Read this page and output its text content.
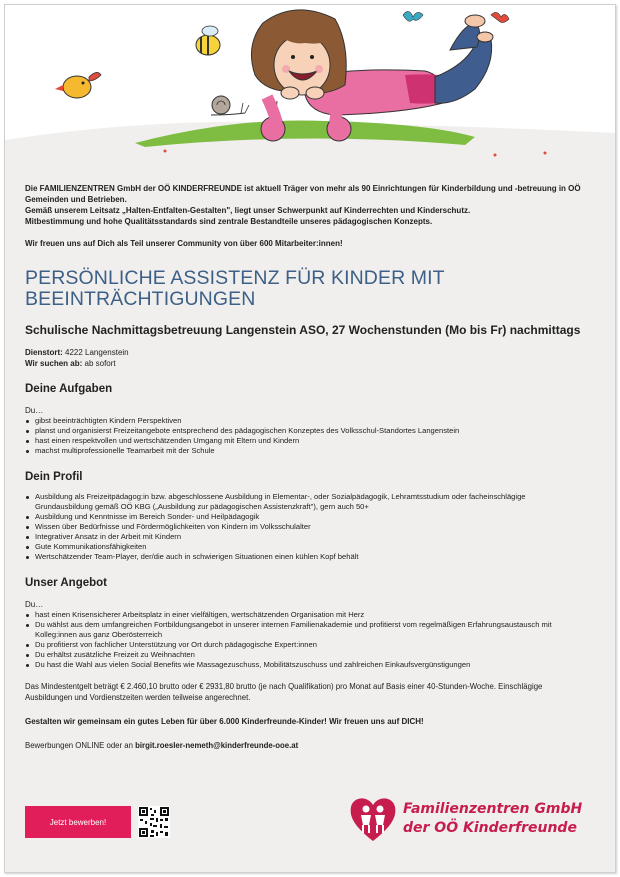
Die FAMILIENZENTREN GmbH der OÖ KINDERFREUNDE ist aktuell Träger von mehr als 90 Einrichtungen für Kinderbildung und -betreuung in OÖ Gemeinden und Betrieben.

Gemäß unserem Leitsatz „Halten-Entfalten-Gestalten", liegt unser Schwerpunkt auf Kinderrechten und Kinderschutz.

Mitbestimmung und hohe Qualitätsstandards sind zentrale Bestandteile unseres pädagogischen Konzepts.

Wir freuen uns auf Dich als Teil unserer Community von über 600 Mitarbeiter:innen!

PERSÖNLICHE ASSISTENZ FÜR KINDER MIT BEEINTRÄCHTIGUNGEN
Schulische Nachmittagsbetreuung Langenstein ASO, 27 Wochenstunden (Mo bis Fr) nachmittags
Dienstort: 4222 Langenstein
Wir suchen ab: ab sofort
Deine Aufgaben
Du…
gibst beeinträchtigten Kindern Perspektiven
planst und organisierst Freizeitangebote entsprechend des pädagogischen Konzeptes des Volksschul-Standortes Langenstein
hast einen respektvollen und wertschätzenden Umgang mit Eltern und Kindern
machst multiprofessionelle Teamarbeit mit der Schule
Dein Profil
Ausbildung als Freizeitpädagog:in bzw. abgeschlossene Ausbildung in Elementar-, oder Sozialpädagogik, Lehramtsstudium oder facheinschlägige Grundausbildung gemäß OÖ KBG („Ausbildung zur pädagogischen Assistenzkraft"), gern auch 50+
Ausbildung und Kenntnisse im Bereich Sonder- und Heilpädagogik
Wissen über Bedürfnisse und Fördermöglichkeiten von Kindern im Volksschulalter
Integrativer Ansatz in der Arbeit mit Kindern
Gute Kommunikationsfähigkeiten
Wertschätzender Team-Player, der/die auch in schwierigen Situationen einen kühlen Kopf behält
Unser Angebot
Du…
hast einen Krisensicherer Arbeitsplatz in einer vielfältigen, wertschätzenden Organisation mit Herz
Du wählst aus dem umfangreichen Fortbildungsangebot in unserer internen Familienakademie und profitierst vom regelmäßigen Erfahrungsaustausch mit Kolleg:innen aus ganz Oberösterreich
Du profitierst von fachlicher Unterstützung vor Ort durch pädagogische Expert:innen
Du erhältst zusätzliche Freizeit zu Weihnachten
Du hast die Wahl aus vielen Social Benefits wie Massagezuschuss, Mobilitätszuschuss und zahlreichen Einkaufsvergünstigungen

Das Mindestentgelt beträgt € 2.460,10 brutto oder € 2931,80 brutto (je nach Qualifikation) pro Monat auf Basis einer 40-Stunden-Woche. Einschlägige Ausbildungen und Vordienstzeiten werden teilweise angerechnet.

Gestalten wir gemeinsam ein gutes Leben für über 6.000 Kinderfreunde-Kinder! Wir freuen uns auf DICH!

Bewerbungen ONLINE oder an birgit.roesler-nemeth@kinderfreunde-ooe.at

Jetzt bewerben!
Familienzentren GmbH
der OÖ Kinderfreunde
